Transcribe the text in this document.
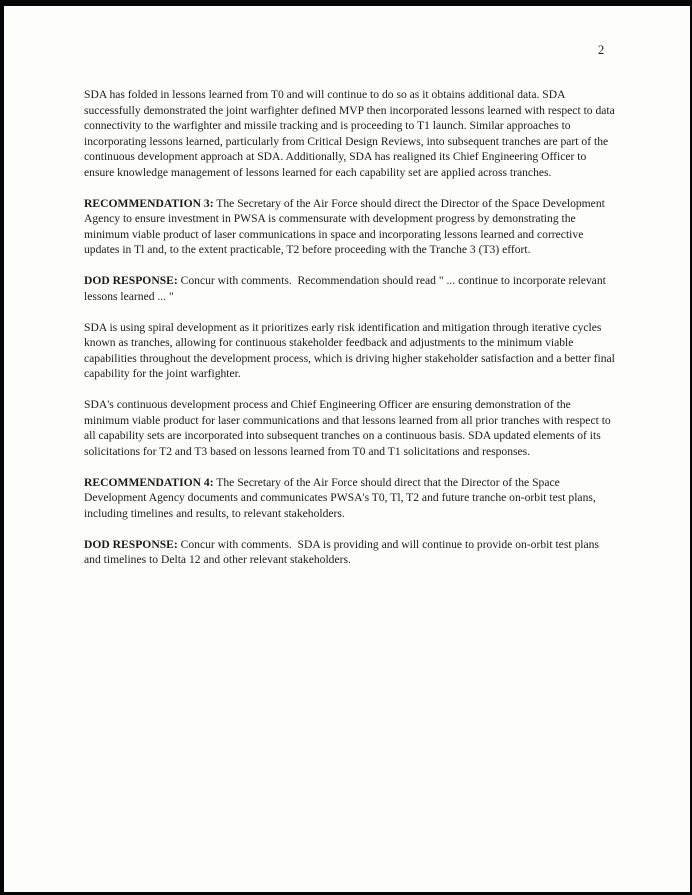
2

SDA has folded in lessons learned from T0 and will continue to do so as it obtains additional data. SDA successfully demonstrated the joint warfighter defined MVP then incorporated lessons learned with respect to data connectivity to the warfighter and missile tracking and is proceeding to T1 launch. Similar approaches to incorporating lessons learned, particularly from Critical Design Reviews, into subsequent tranches are part of the continuous development approach at SDA. Additionally, SDA has realigned its Chief Engineering Officer to ensure knowledge management of lessons learned for each capability set are applied across tranches.

RECOMMENDATION 3: The Secretary of the Air Force should direct the Director of the Space Development Agency to ensure investment in PWSA is commensurate with development progress by demonstrating the minimum viable product of laser communications in space and incorporating lessons learned and corrective updates in Tl and, to the extent practicable, T2 before proceeding with the Tranche 3 (T3) effort.

DOD RESPONSE: Concur with comments.  Recommendation should read " ... continue to incorporate relevant lessons learned ... "

SDA is using spiral development as it prioritizes early risk identification and mitigation through iterative cycles known as tranches, allowing for continuous stakeholder feedback and adjustments to the minimum viable capabilities throughout the development process, which is driving higher stakeholder satisfaction and a better final capability for the joint warfighter.

SDA's continuous development process and Chief Engineering Officer are ensuring demonstration of the minimum viable product for laser communications and that lessons learned from all prior tranches with respect to all capability sets are incorporated into subsequent tranches on a continuous basis. SDA updated elements of its solicitations for T2 and T3 based on lessons learned from T0 and T1 solicitations and responses.

RECOMMENDATION 4: The Secretary of the Air Force should direct that the Director of the Space Development Agency documents and communicates PWSA's T0, Tl, T2 and future tranche on-orbit test plans, including timelines and results, to relevant stakeholders.

DOD RESPONSE: Concur with comments.  SDA is providing and will continue to provide on-orbit test plans and timelines to Delta 12 and other relevant stakeholders.
